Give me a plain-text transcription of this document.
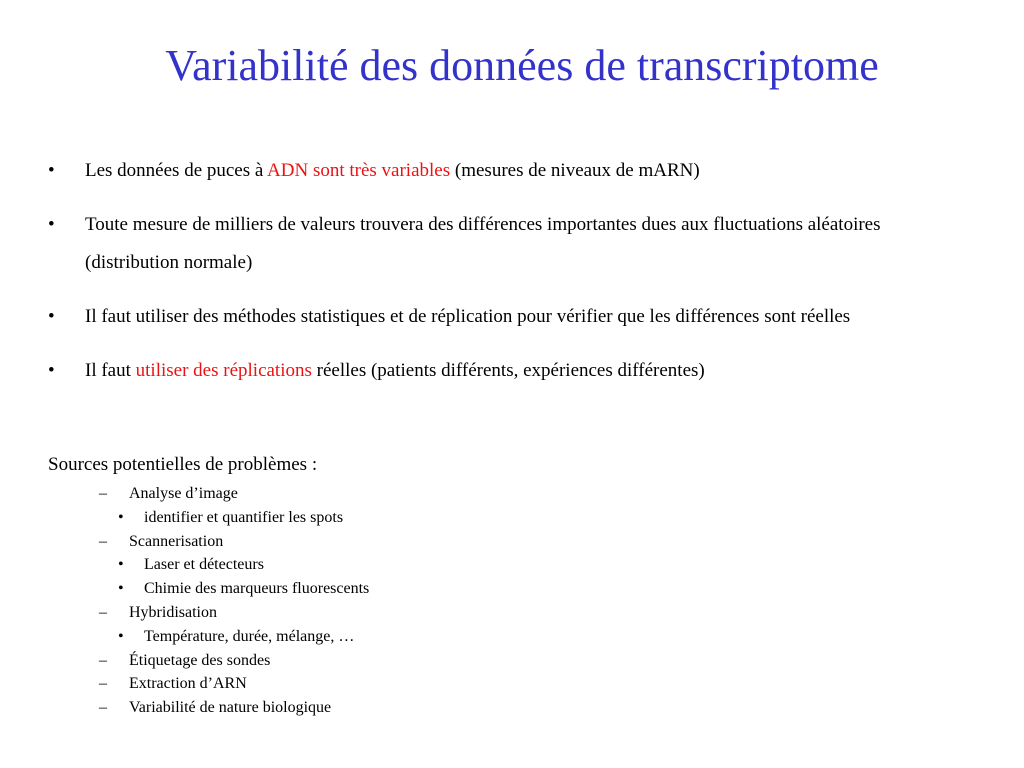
Variabilité des données de transcriptome
• Les données de puces à ADN sont très variables (mesures de niveaux de mARN)
• Toute mesure de milliers de valeurs trouvera des différences importantes dues aux fluctuations aléatoires (distribution normale)
• Il faut utiliser des méthodes statistiques et de réplication pour vérifier que les différences sont réelles
• Il faut utiliser des réplications réelles (patients différents, expériences différentes)
Sources potentielles de problèmes :
– Analyse d’image
• identifier et quantifier les spots
– Scannerisation
• Laser et détecteurs
• Chimie des marqueurs fluorescents
– Hybridisation
• Température, durée, mélange, …
– Étiquetage des sondes
– Extraction d’ARN
– Variabilité de nature biologique
